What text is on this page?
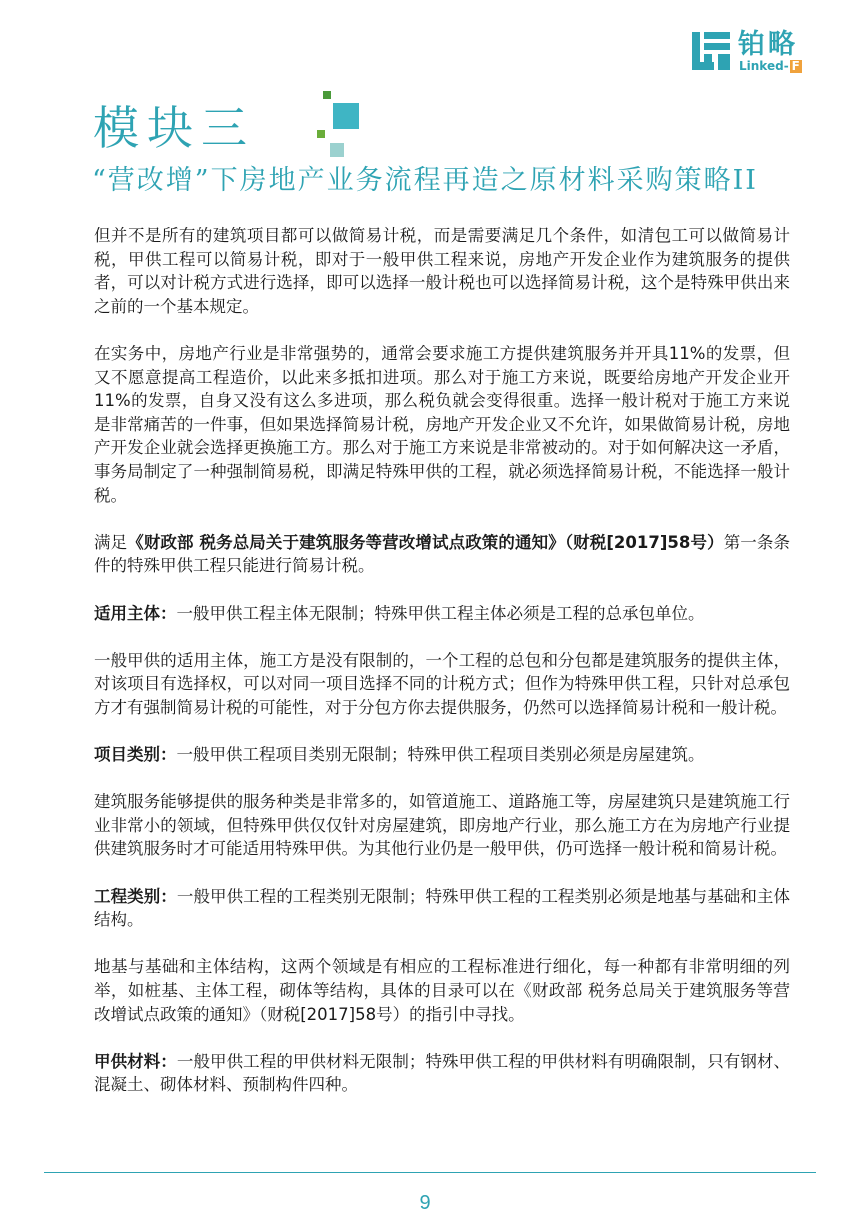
铂略
Linked- F
模块三
“营改增”下房地产业务流程再造之原材料采购策略II

但并不是所有的建筑项目都可以做简易计税，而是需要满足几个条件，如清包工可以做简易计税，甲供工程可以简易计税，即对于一般甲供工程来说，房地产开发企业作为建筑服务的提供者，可以对计税方式进行选择，即可以选择一般计税也可以选择简易计税，这个是特殊甲供出来之前的一个基本规定。

在实务中，房地产行业是非常强势的，通常会要求施工方提供建筑服务并开具11%的发票，但又不愿意提高工程造价，以此来多抵扣进项。那么对于施工方来说，既要给房地产开发企业开11%的发票，自身又没有这么多进项，那么税负就会变得很重。选择一般计税对于施工方来说是非常痛苦的一件事，但如果选择简易计税，房地产开发企业又不允许，如果做简易计税，房地产开发企业就会选择更换施工方。那么对于施工方来说是非常被动的。对于如何解决这一矛盾，事务局制定了一种强制简易税，即满足特殊甲供的工程，就必须选择简易计税，不能选择一般计税。

满足《财政部 税务总局关于建筑服务等营改增试点政策的通知》（财税[2017]58号）第一条条件的特殊甲供工程只能进行简易计税。

适用主体：一般甲供工程主体无限制；特殊甲供工程主体必须是工程的总承包单位。

一般甲供的适用主体，施工方是没有限制的，一个工程的总包和分包都是建筑服务的提供主体，对该项目有选择权，可以对同一项目选择不同的计税方式；但作为特殊甲供工程，只针对总承包方才有强制简易计税的可能性，对于分包方你去提供服务，仍然可以选择简易计税和一般计税。

项目类别：一般甲供工程项目类别无限制；特殊甲供工程项目类别必须是房屋建筑。

建筑服务能够提供的服务种类是非常多的，如管道施工、道路施工等，房屋建筑只是建筑施工行业非常小的领域，但特殊甲供仅仅针对房屋建筑，即房地产行业，那么施工方在为房地产行业提供建筑服务时才可能适用特殊甲供。为其他行业仍是一般甲供，仍可选择一般计税和简易计税。

工程类别：一般甲供工程的工程类别无限制；特殊甲供工程的工程类别必须是地基与基础和主体结构。

地基与基础和主体结构，这两个领域是有相应的工程标准进行细化，每一种都有非常明细的列举，如桩基、主体工程，砌体等结构，具体的目录可以在《财政部 税务总局关于建筑服务等营改增试点政策的通知》（财税[2017]58号）的指引中寻找。

甲供材料：一般甲供工程的甲供材料无限制；特殊甲供工程的甲供材料有明确限制，只有钢材、混凝土、砌体材料、预制构件四种。

9
